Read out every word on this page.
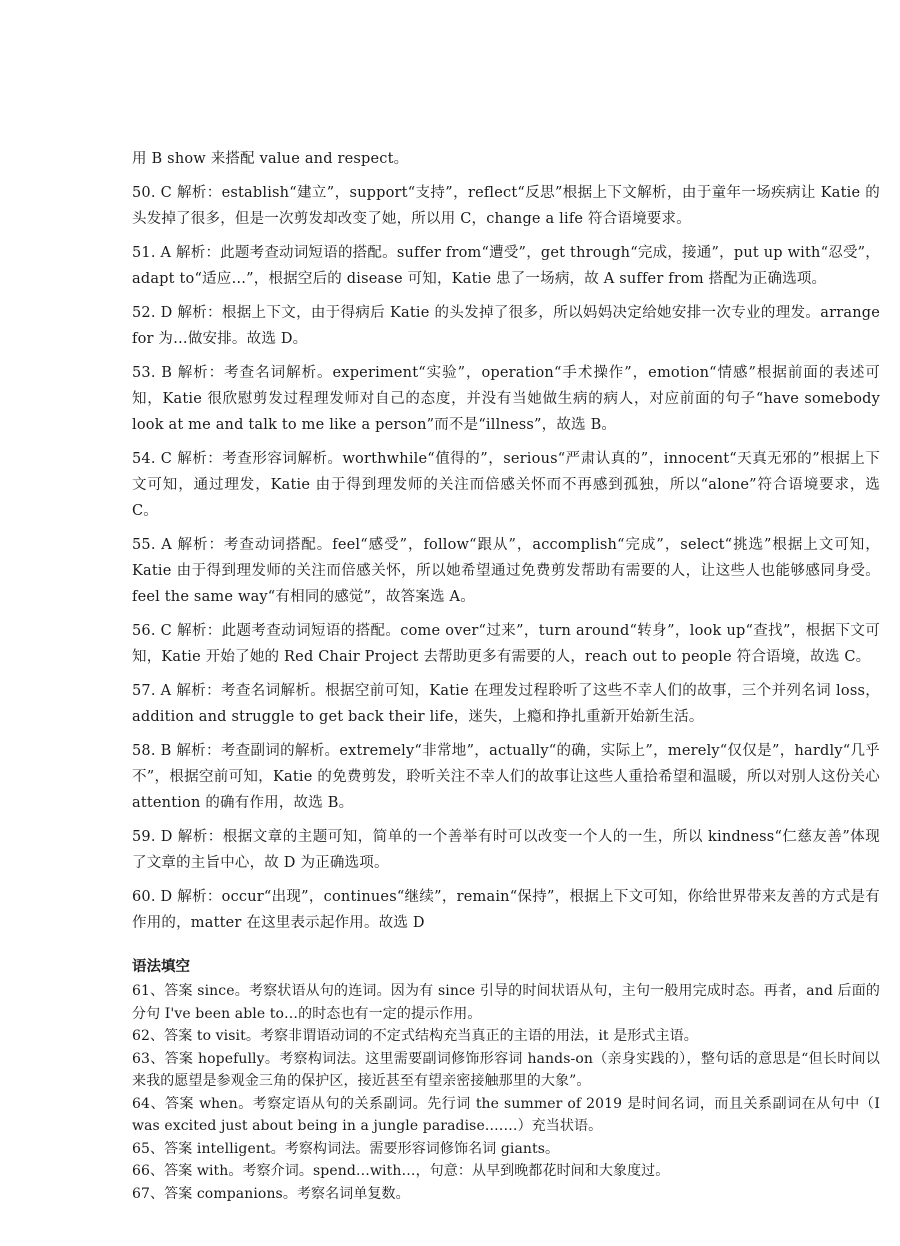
用 B show 来搭配 value and respect。

50. C 解析：establish“建立”，support“支持”，reflect“反思”根据上下文解析，由于童年一场疾病让 Katie 的头发掉了很多，但是一次剪发却改变了她，所以用 C，change a life 符合语境要求。

51. A 解析：此题考查动词短语的搭配。suffer from“遭受”，get through“完成，接通”，put up with“忍受”，adapt to“适应…”，根据空后的 disease 可知，Katie 患了一场病，故 A suffer from 搭配为正确选项。

52. D 解析：根据上下文，由于得病后 Katie 的头发掉了很多，所以妈妈决定给她安排一次专业的理发。arrange for 为…做安排。故选 D。

53. B 解析：考查名词解析。experiment“实验”，operation“手术操作”，emotion“情感”根据前面的表述可知，Katie 很欣慰剪发过程理发师对自己的态度，并没有当她做生病的病人，对应前面的句子“have somebody look at me and talk to me like a person”而不是“illness”，故选 B。

54. C 解析：考查形容词解析。worthwhile“值得的”，serious“严肃认真的”，innocent“天真无邪的”根据上下文可知，通过理发，Katie 由于得到理发师的关注而倍感关怀而不再感到孤独，所以“alone”符合语境要求，选 C。

55. A 解析：考查动词搭配。feel“感受”，follow“跟从”，accomplish“完成”，select“挑选”根据上文可知，Katie 由于得到理发师的关注而倍感关怀，所以她希望通过免费剪发帮助有需要的人，让这些人也能够感同身受。feel the same way“有相同的感觉”，故答案选 A。

56. C 解析：此题考查动词短语的搭配。come over“过来”，turn around“转身”，look up“查找”，根据下文可知，Katie 开始了她的 Red Chair Project 去帮助更多有需要的人，reach out to people 符合语境，故选 C。

57. A 解析：考查名词解析。根据空前可知，Katie 在理发过程聆听了这些不幸人们的故事，三个并列名词 loss，addition and struggle to get back their life，迷失，上瘾和挣扎重新开始新生活。

58. B 解析：考查副词的解析。extremely“非常地”，actually“的确，实际上”，merely“仅仅是”，hardly“几乎不”，根据空前可知，Katie 的免费剪发，聆听关注不幸人们的故事让这些人重拾希望和温暖，所以对别人这份关心 attention 的确有作用，故选 B。

59. D 解析：根据文章的主题可知，简单的一个善举有时可以改变一个人的一生，所以 kindness“仁慈友善”体现了文章的主旨中心，故 D 为正确选项。

60. D 解析：occur“出现”，continues“继续”，remain“保持”，根据上下文可知，你给世界带来友善的方式是有作用的，matter 在这里表示起作用。故选 D

语法填空

61、答案 since。考察状语从句的连词。因为有 since 引导的时间状语从句，主句一般用完成时态。再者，and 后面的分句 I've been able to…的时态也有一定的提示作用。

62、答案 to visit。考察非谓语动词的不定式结构充当真正的主语的用法，it 是形式主语。

63、答案 hopefully。考察构词法。这里需要副词修饰形容词 hands-on（亲身实践的），整句话的意思是“但长时间以来我的愿望是参观金三角的保护区，接近甚至有望亲密接触那里的大象”。

64、答案 when。考察定语从句的关系副词。先行词 the summer of 2019 是时间名词，而且关系副词在从句中（I was excited just about being in a jungle paradise.……）充当状语。

65、答案 intelligent。考察构词法。需要形容词修饰名词 giants。

66、答案 with。考察介词。spend…with…，句意：从早到晚都花时间和大象度过。

67、答案 companions。考察名词单复数。
